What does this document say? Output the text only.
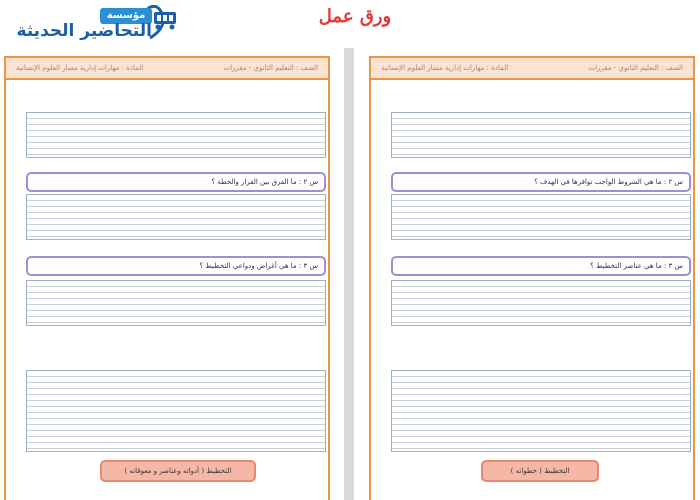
مؤسسة
التحاضير الحديثة
ورق عمل
الصف : التعليم الثانوي - مقررات
المادة : مهارات إدارية مسار العلوم الإنسانية
س ٢ : ما الفرق بين القرار والخطة ؟
س ٣ : ما هي أغراض ودواعي التخطيط ؟
التخطيط ( أدواته وعناصر و معوقاته )
الصف : التعليم الثانوي - مقررات
المادة : مهارات إدارية مسار العلوم الإنسانية
س ٢ : ما هي الشروط الواجب توافرها في الهدف ؟
س ٣ : ما هي عناصر التخطيط ؟
التخطيط ( خطواته )
